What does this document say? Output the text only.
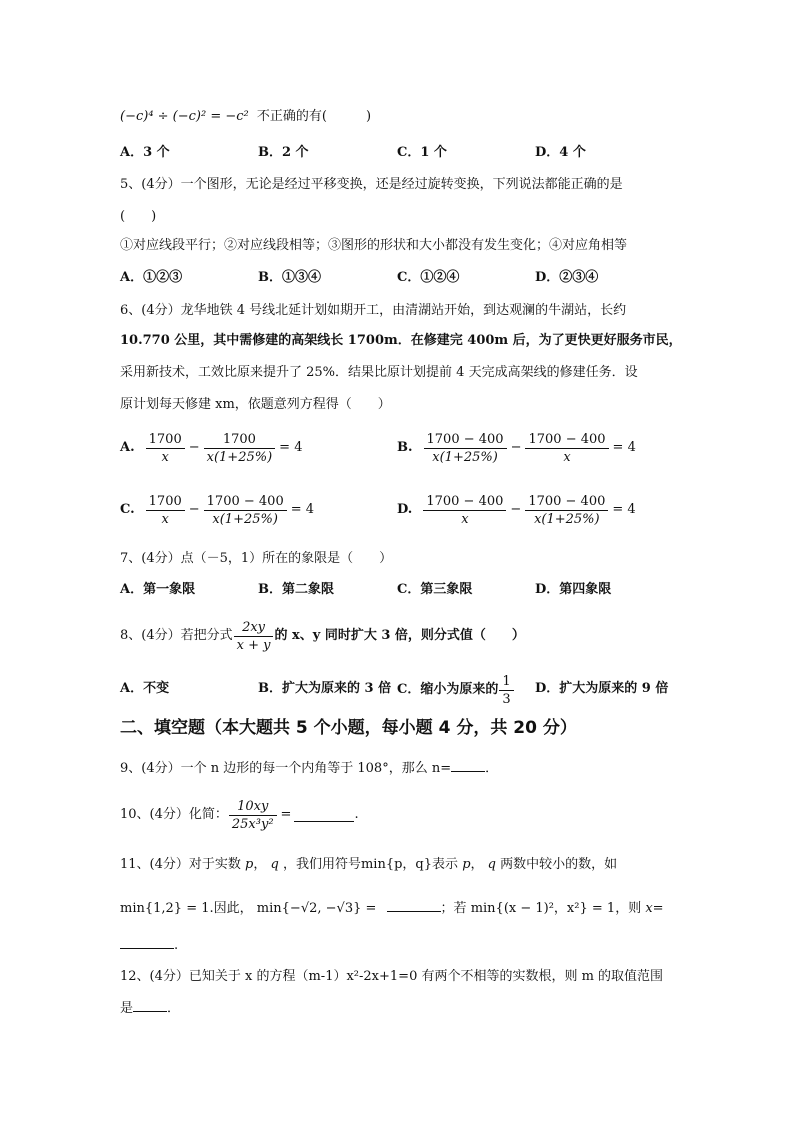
(−c)⁴ ÷ (−c)² = −c² 不正确的有(　　　)
A．3 个	B．2 个	C．1 个	D．4 个
5、(4分）一个图形，无论是经过平移变换，还是经过旋转变换，下列说法都能正确的是
(　　)
①对应线段平行；②对应线段相等；③图形的形状和大小都没有发生变化；④对应角相等
A．①②③	B．①③④	C．①②④	D．②③④
6、(4分）龙华地铁 4 号线北延计划如期开工，由清湖站开始，到达观澜的牛湖站，长约
10.770 公里，其中需修建的高架线长 1700m．在修建完 400m 后，为了更快更好服务市民，
采用新技术，工效比原来提升了 25%．结果比原计划提前 4 天完成高架线的修建任务．设
原计划每天修建 xm，依题意列方程得（　　）
A. $\frac{1700}{x} - \frac{1700}{x(1+25\%)} = 4$	B. $\frac{1700 - 400}{x(1+25\%)} - \frac{1700 - 400}{x} = 4$
C. $\frac{1700}{x} - \frac{1700 - 400}{x(1+25\%)} = 4$	D. $\frac{1700 - 400}{x} - \frac{1700 - 400}{x(1+25\%)} = 4$
7、(4分）点（－5，1）所在的象限是（　　）
A．第一象限	B．第二象限	C．第三象限	D．第四象限
8、(4分）若把分式 $\frac{2xy}{x + y}$ 的 x、y 同时扩大 3 倍，则分式值（　　）
A．不变	B．扩大为原来的 3 倍 C．缩小为原来的 $\frac{1}{3}$ D．扩大为原来的 9 倍
二、填空题（本大题共 5 个小题，每小题 4 分，共 20 分）
9、(4分）一个 n 边形的每一个内角等于 108°，那么 n=	．
10、(4分）化简： $\frac{10xy}{\text{25x³y²}}$ =	.
11、(4分）对于实数 p， q ，我们用符号min{p，q}表示 p， q 两数中较小的数，如
min{1,2} = 1.因此， min{−√2, −√3} =	；若 min{(x − 1)²，x²} = 1，则 x=
.
12、(4分）已知关于 x 的方程（m-1）x²-2x+1=0 有两个不相等的实数根，则 m 的取值范围
是	．
